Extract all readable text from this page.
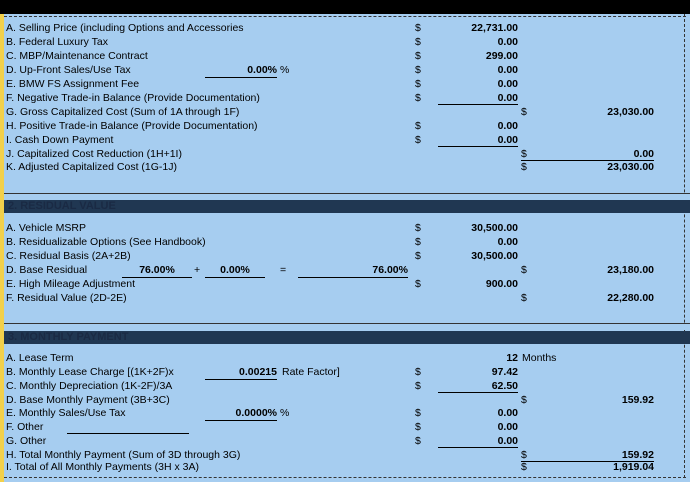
A. Selling Price (including Options and Accessories	$	22,731.00
B. Federal Luxury Tax	$	0.00
C. MBP/Maintenance Contract	$	299.00
D. Up-Front Sales/Use Tax	0.00% %	$	0.00
E. BMW FS Assignment Fee	$	0.00
F. Negative Trade-in Balance (Provide Documentation)	$	0.00
G. Gross Capitalized Cost (Sum of 1A through 1F)	$	23,030.00
H. Positive Trade-in Balance (Provide Documentation)	$	0.00
I. Cash Down Payment	$	0.00
J. Capitalized Cost Reduction (1H+1I)	$	0.00
K. Adjusted Capitalized Cost (1G-1J)	$	23,030.00
2. RESIDUAL VALUE
A. Vehicle MSRP	$	30,500.00
B. Residualizable Options (See Handbook)	$	0.00
C. Residual Basis (2A+2B)	$	30,500.00
D. Base Residual	76.00%	+	0.00%	=	76.00%	$	23,180.00
E. High Mileage Adjustment	$	900.00
F. Residual Value (2D-2E)	$	22,280.00
3. MONTHLY PAYMENT
A. Lease Term	12 Months
B. Monthly Lease Charge [(1K+2F)x	0.00215 Rate Factor]	$	97.42
C. Monthly Depreciation (1K-2F)/3A	$	62.50
D. Base Monthly Payment (3B+3C)	$	159.92
E. Monthly Sales/Use Tax	0.0000% %	$	0.00
F. Other	$	0.00
G. Other	$	0.00
H. Total Monthly Payment (Sum of 3D through 3G)	$	159.92
I. Total of All Monthly Payments (3H x 3A)	$	1,919.04
